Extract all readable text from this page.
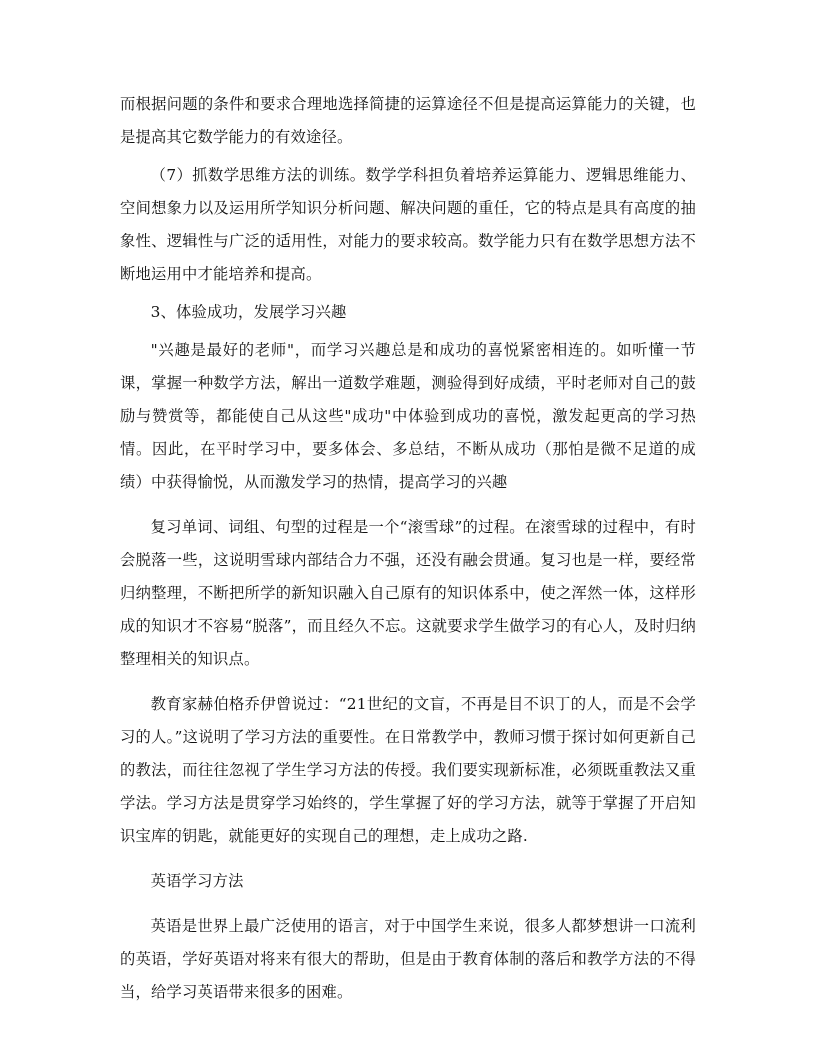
而根据问题的条件和要求合理地选择简捷的运算途径不但是提高运算能力的关键，也是提高其它数学能力的有效途径。

（7）抓数学思维方法的训练。数学学科担负着培养运算能力、逻辑思维能力、空间想象力以及运用所学知识分析问题、解决问题的重任，它的特点是具有高度的抽象性、逻辑性与广泛的适用性，对能力的要求较高。数学能力只有在数学思想方法不断地运用中才能培养和提高。

3、体验成功，发展学习兴趣

"兴趣是最好的老师"，而学习兴趣总是和成功的喜悦紧密相连的。如听懂一节课，掌握一种数学方法，解出一道数学难题，测验得到好成绩，平时老师对自己的鼓励与赞赏等，都能使自己从这些"成功"中体验到成功的喜悦，激发起更高的学习热情。因此，在平时学习中，要多体会、多总结，不断从成功（那怕是微不足道的成绩）中获得愉悦，从而激发学习的热情，提高学习的兴趣

复习单词、词组、句型的过程是一个“滚雪球”的过程。在滚雪球的过程中，有时会脱落一些，这说明雪球内部结合力不强，还没有融会贯通。复习也是一样，要经常归纳整理，不断把所学的新知识融入自己原有的知识体系中，使之浑然一体，这样形成的知识才不容易“脱落”，而且经久不忘。这就要求学生做学习的有心人，及时归纳整理相关的知识点。

教育家赫伯格乔伊曾说过：“21世纪的文盲，不再是目不识丁的人，而是不会学习的人。”这说明了学习方法的重要性。在日常教学中，教师习惯于探讨如何更新自己的教法，而往往忽视了学生学习方法的传授。我们要实现新标准，必须既重教法又重学法。学习方法是贯穿学习始终的，学生掌握了好的学习方法，就等于掌握了开启知识宝库的钥匙，就能更好的实现自己的理想，走上成功之路.

英语学习方法

英语是世界上最广泛使用的语言，对于中国学生来说，很多人都梦想讲一口流利的英语，学好英语对将来有很大的帮助，但是由于教育体制的落后和教学方法的不得当，给学习英语带来很多的困难。
